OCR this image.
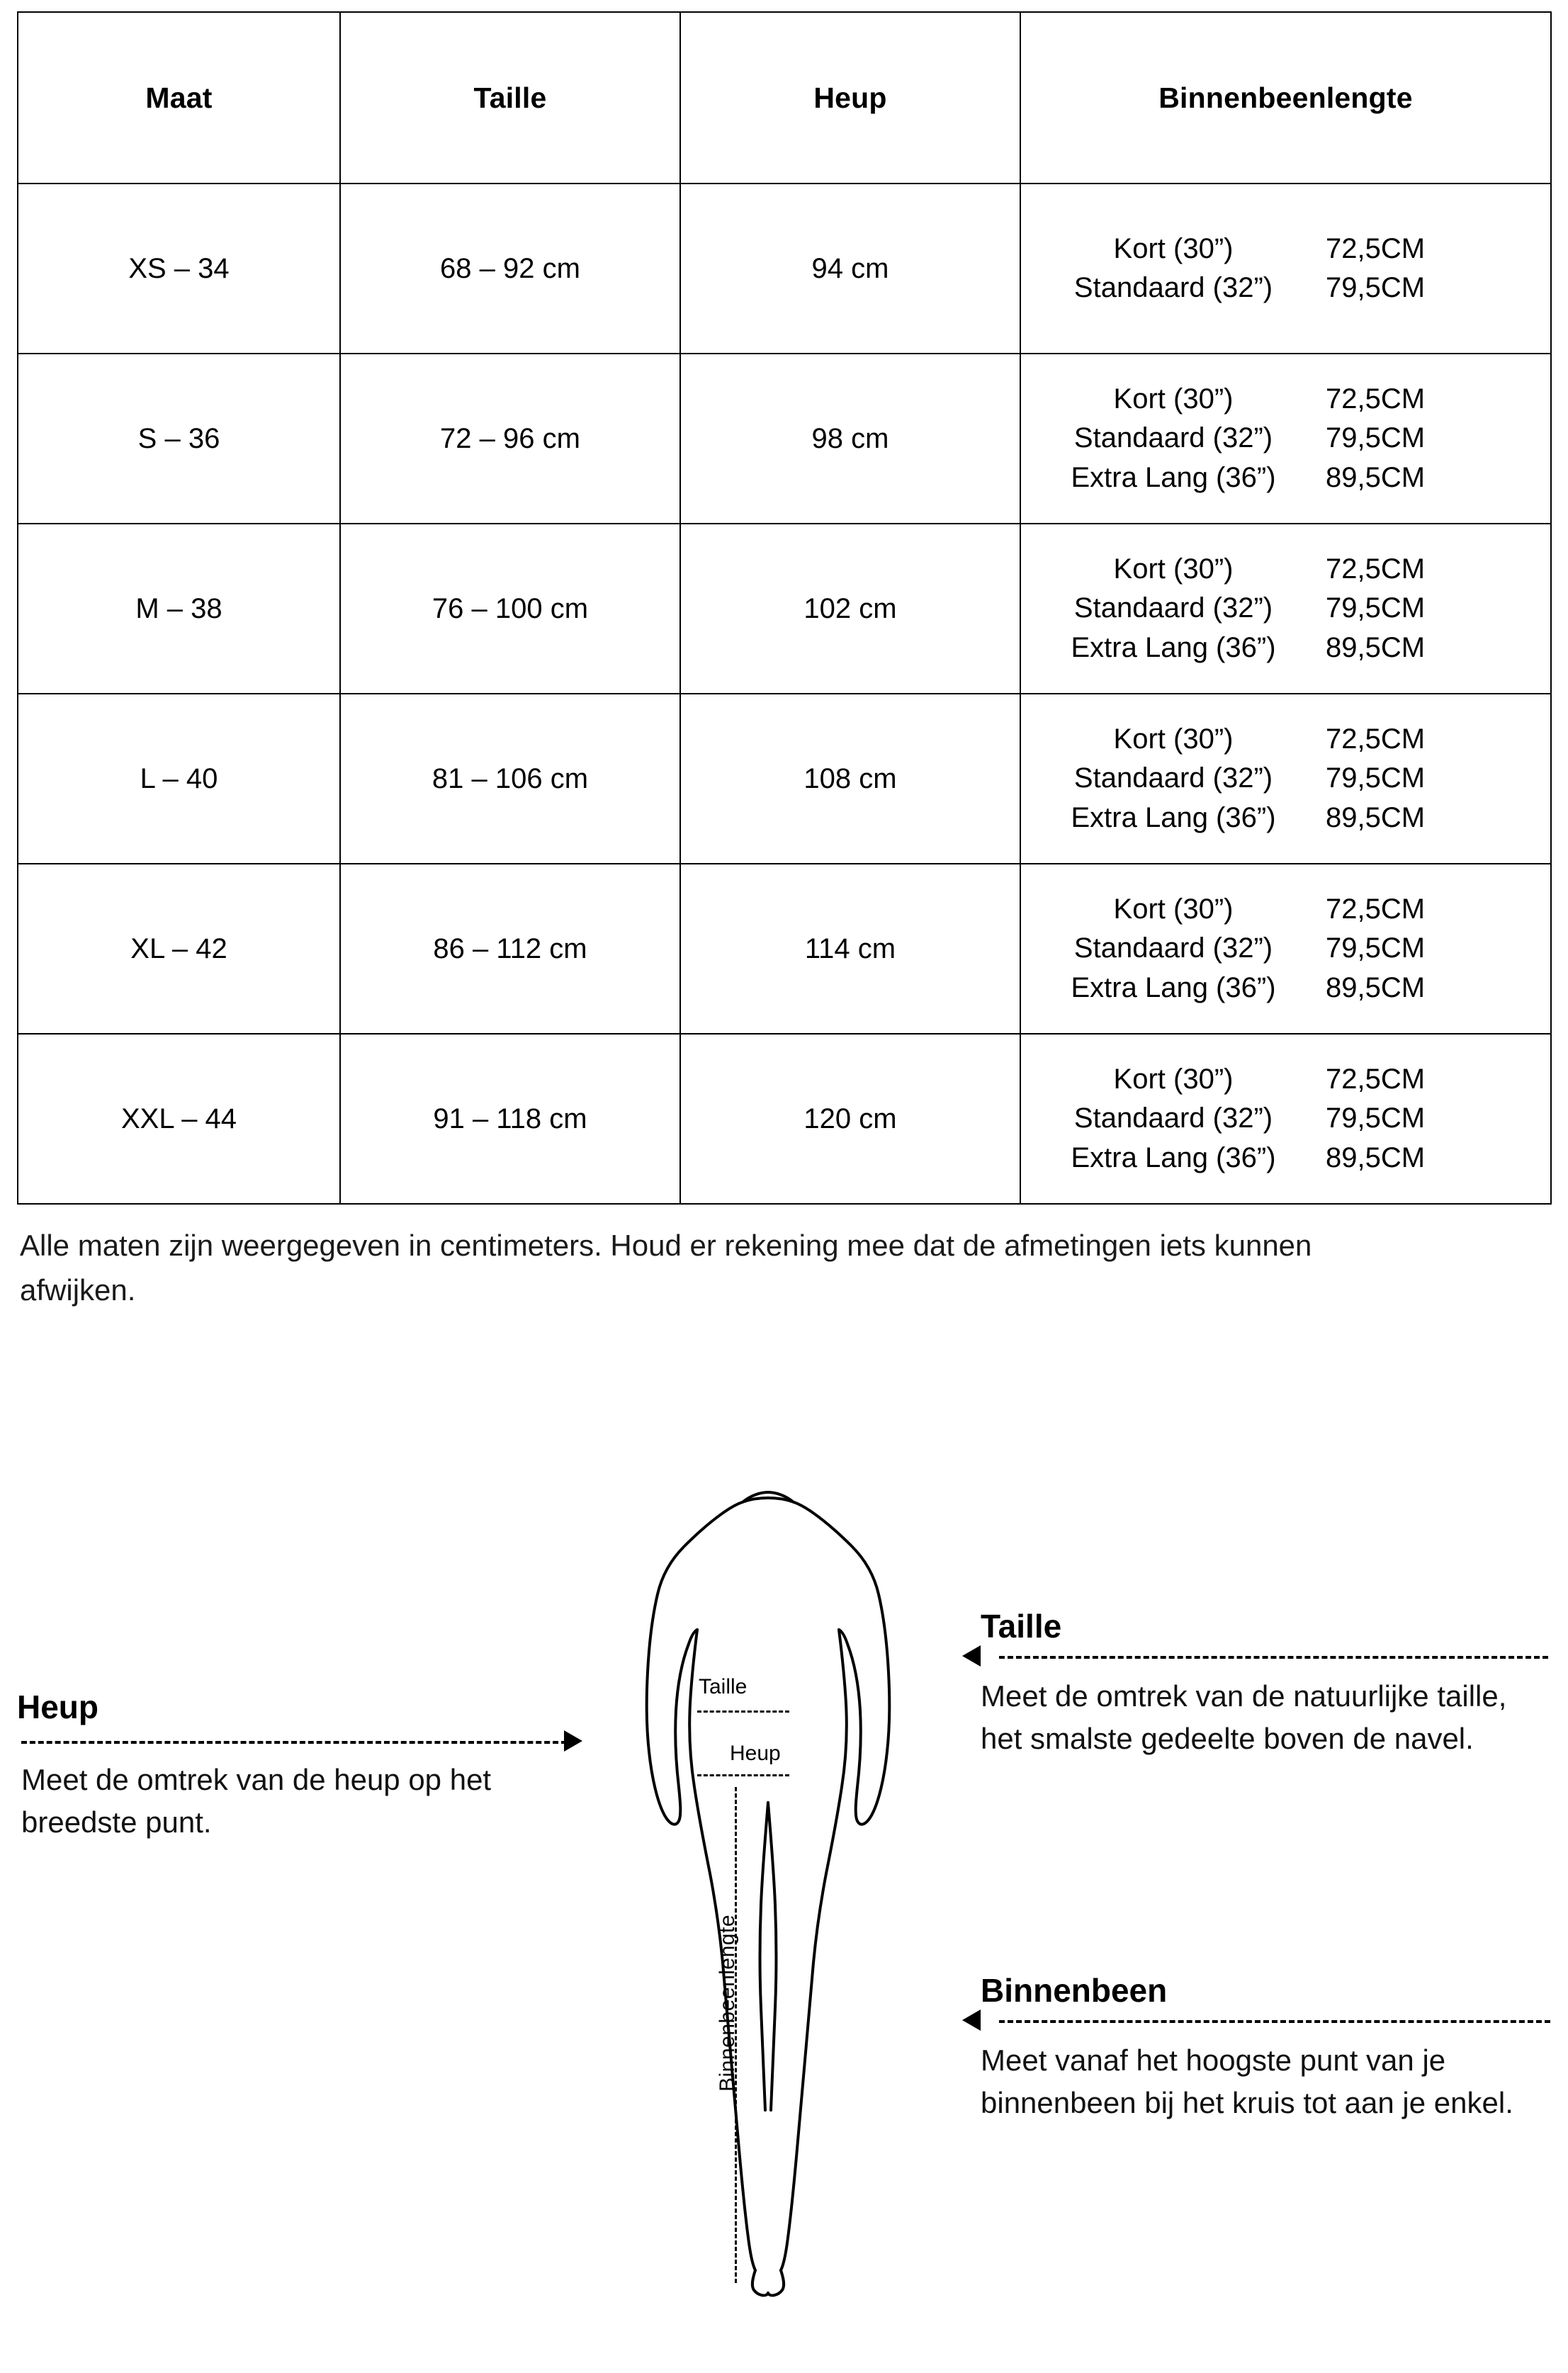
Maat	Taille	Heup	Binnenbeenlengte
XS – 34	68 – 92 cm	94 cm	Kort (30”) 72,5CM
Standaard (32”) 79,5CM

S – 36	72 – 96 cm	98 cm	
Kort (30”)	72,5CM
Standaard (32”)	79,5CM
Extra Lang (36”)	89,5CM

M – 38	76 – 100 cm	102 cm	
Kort (30”)	72,5CM
Standaard (32”)	79,5CM
Extra Lang (36”)	89,5CM

L – 40	81 – 106 cm	108 cm	
Kort (30”)	72,5CM
Standaard (32”)	79,5CM
Extra Lang (36”)	89,5CM

XL – 42	86 – 112 cm	114 cm	
Kort (30”)	72,5CM
Standaard (32”)	79,5CM
Extra Lang (36”)	89,5CM

XXL – 44	91 – 118 cm	120 cm	
Kort (30”)	72,5CM
Standaard (32”)	79,5CM
Extra Lang (36”)	89,5CM

Alle maten zijn weergegeven in centimeters. Houd er rekening mee dat de afmetingen iets kunnen afwijken.

Heup
Meet de omtrek van de heup op het breedste punt.
Taille
Meet de omtrek van de natuurlijke taille, het smalste gedeelte boven de navel.
Binnenbeen
Meet vanaf het hoogste punt van je binnenbeen bij het kruis tot aan je enkel.
Taille
Heup
Binnenbeenlengte
